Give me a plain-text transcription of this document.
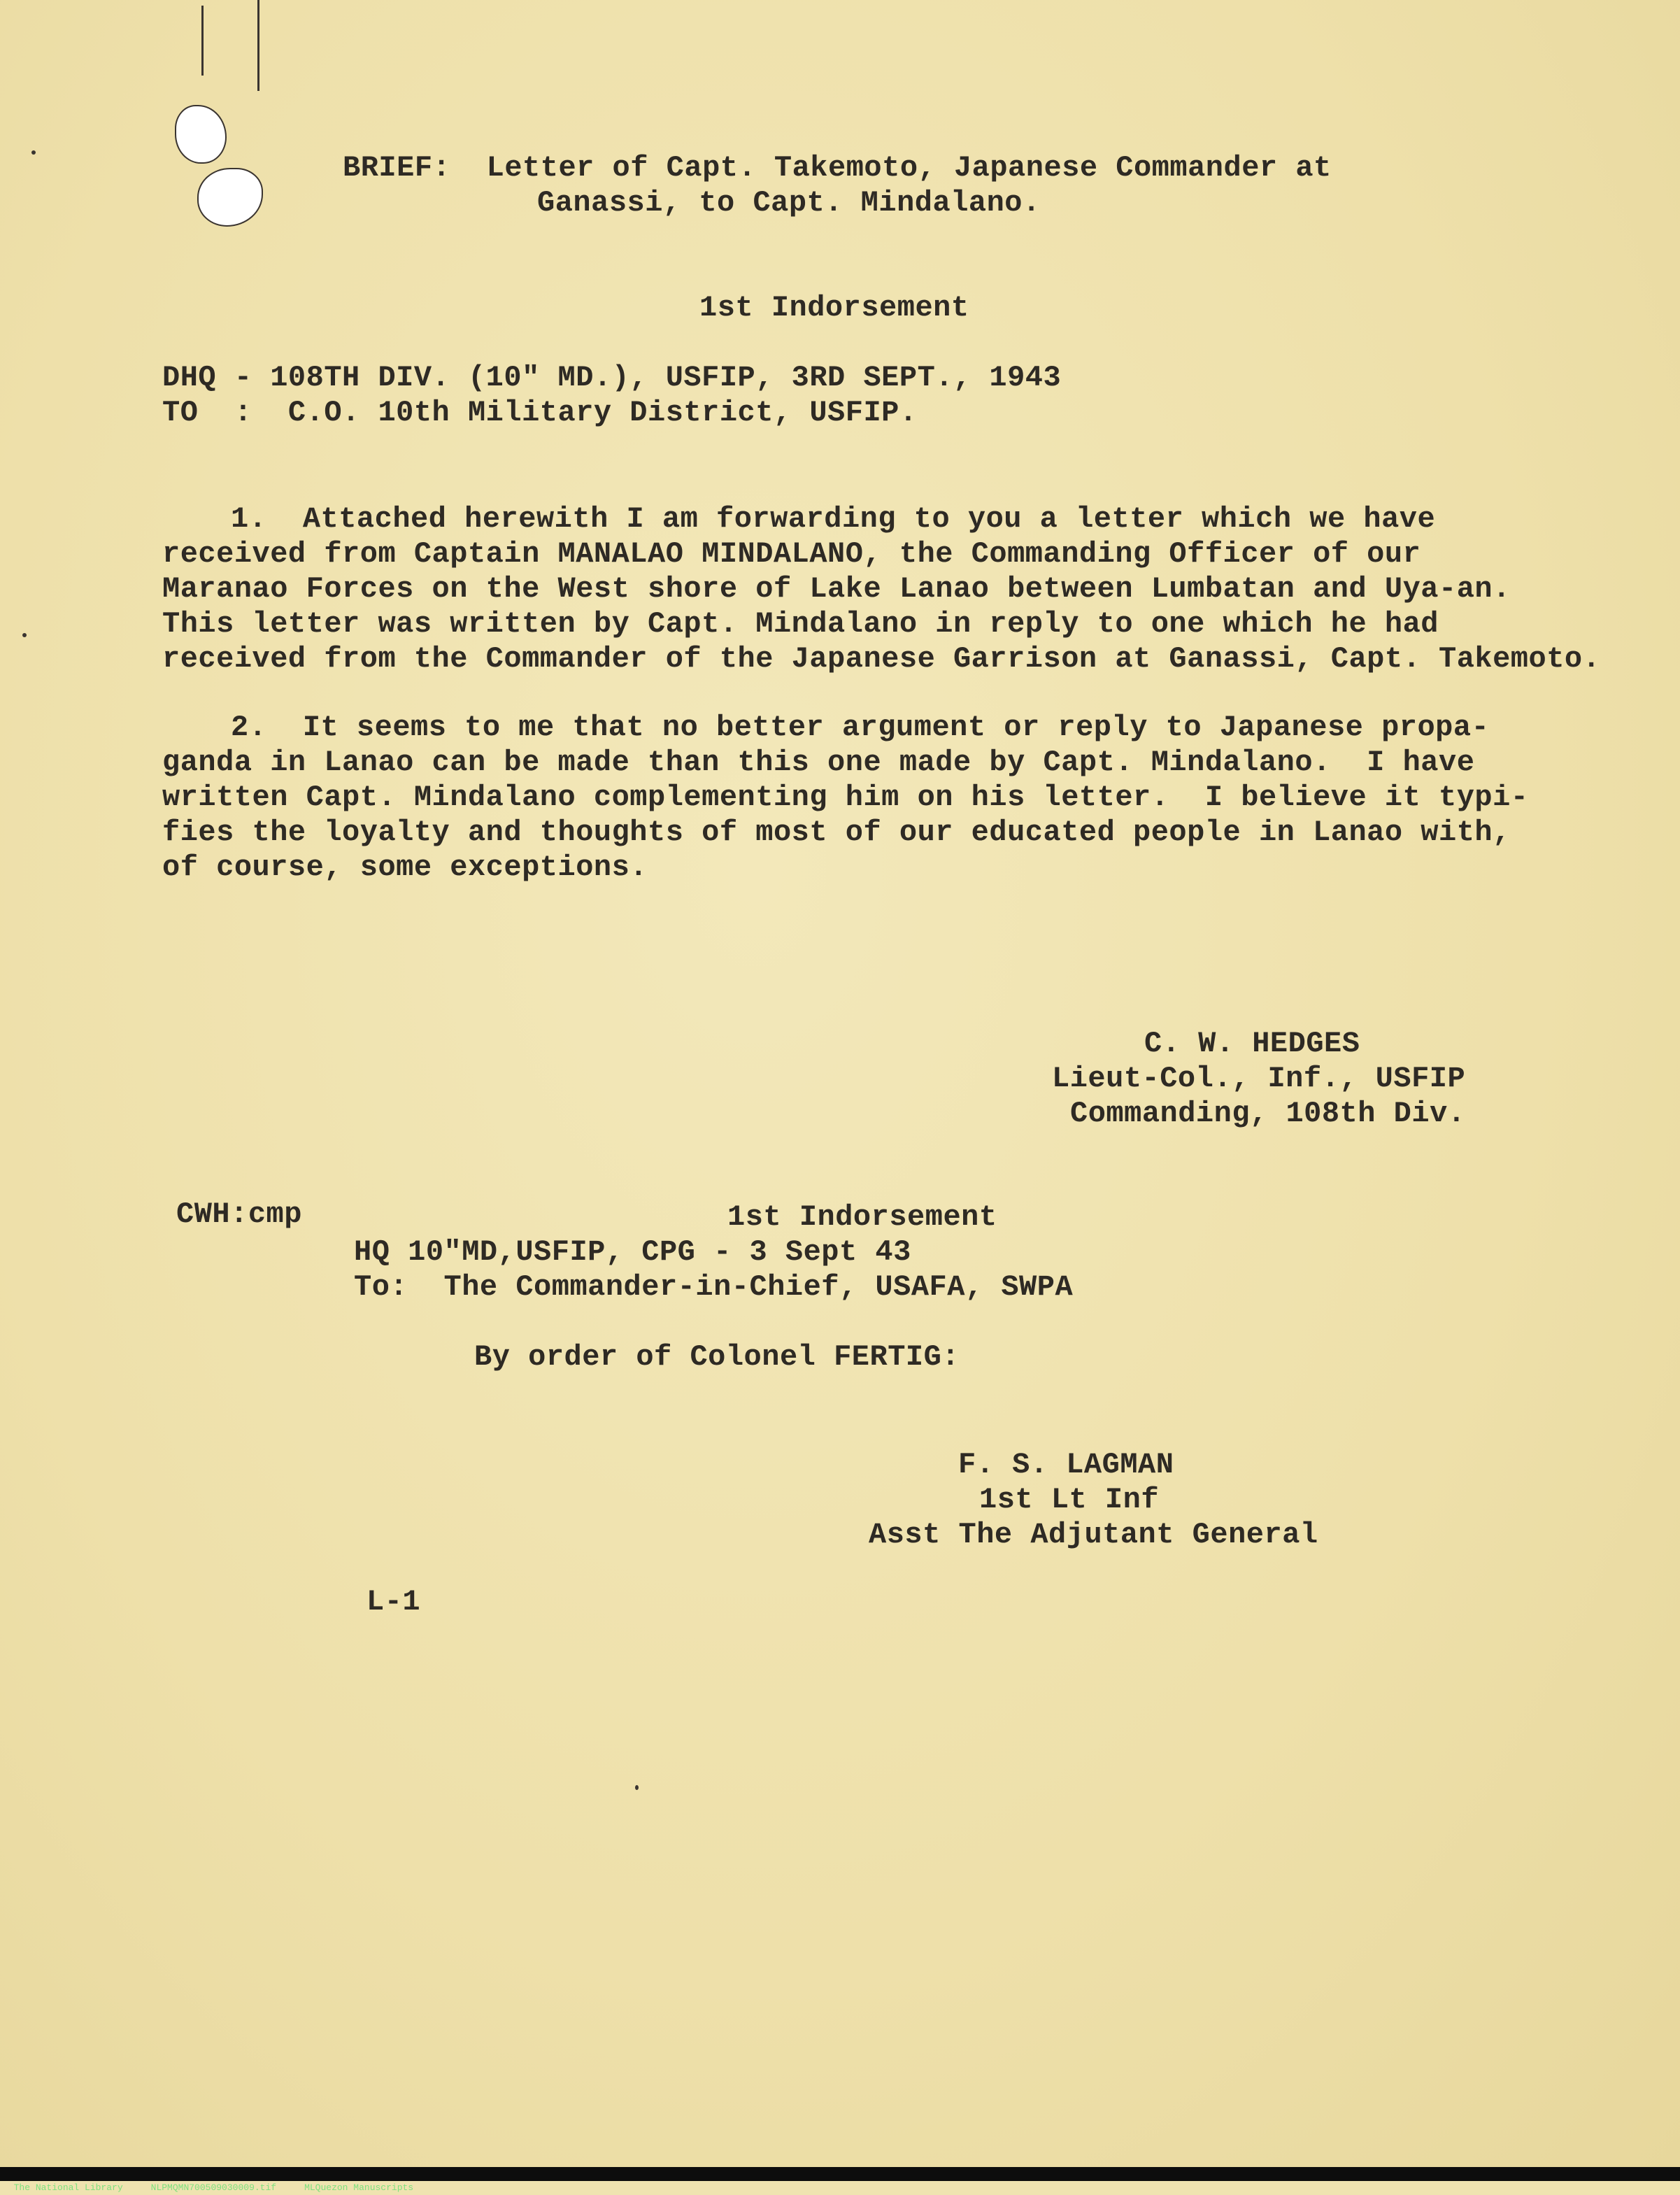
BRIEF:  Letter of Capt. Takemoto, Japanese Commander at
Ganassi, to Capt. Mindalano.
1st Indorsement
DHQ - 108TH DIV. (10" MD.), USFIP, 3RD SEPT., 1943
TO  :  C.O. 10th Military District, USFIP.
1.  Attached herewith I am forwarding to you a letter which we have
received from Captain MANALAO MINDALANO, the Commanding Officer of our
Maranao Forces on the West shore of Lake Lanao between Lumbatan and Uya-an.
This letter was written by Capt. Mindalano in reply to one which he had
received from the Commander of the Japanese Garrison at Ganassi, Capt. Takemoto.
2.  It seems to me that no better argument or reply to Japanese propa-
ganda in Lanao can be made than this one made by Capt. Mindalano.  I have
written Capt. Mindalano complementing him on his letter.  I believe it typi-
fies the loyalty and thoughts of most of our educated people in Lanao with,
of course, some exceptions.
C. W. HEDGES
Lieut-Col., Inf., USFIP
Commanding, 108th Div.
CWH:cmp	1st Indorsement
HQ 10"MD,USFIP, CPG - 3 Sept 43
To:  The Commander-in-Chief, USAFA, SWPA
By order of Colonel FERTIG:
F. S. LAGMAN
1st Lt Inf
Asst The Adjutant General
L-1

The National Library	NLPMQMN700509030009.tif	MLQuezon Manuscripts
